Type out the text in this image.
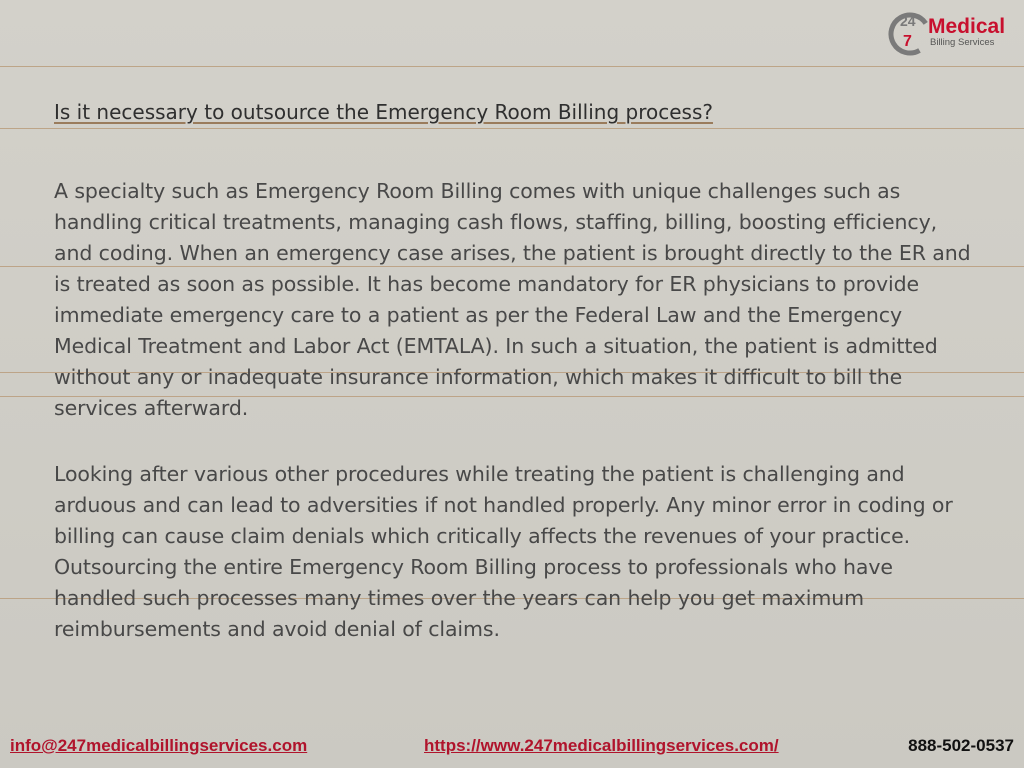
24
7
Medical
Billing Services
Is it necessary to outsource the Emergency Room Billing process?

A specialty such as Emergency Room Billing comes with unique challenges such as handling critical treatments, managing cash flows, staffing, billing, boosting efficiency, and coding. When an emergency case arises, the patient is brought directly to the ER and is treated as soon as possible. It has become mandatory for ER physicians to provide immediate emergency care to a patient as per the Federal Law and the Emergency Medical Treatment and Labor Act (EMTALA). In such a situation, the patient is admitted without any or inadequate insurance information, which makes it difficult to bill the services afterward.

Looking after various other procedures while treating the patient is challenging and arduous and can lead to adversities if not handled properly. Any minor error in coding or billing can cause claim denials which critically affects the revenues of your practice. Outsourcing the entire Emergency Room Billing process to professionals who have handled such processes many times over the years can help you get maximum reimbursements and avoid denial of claims.

info@247medicalbillingservices.com	https://www.247medicalbillingservices.com/	888-502-0537
